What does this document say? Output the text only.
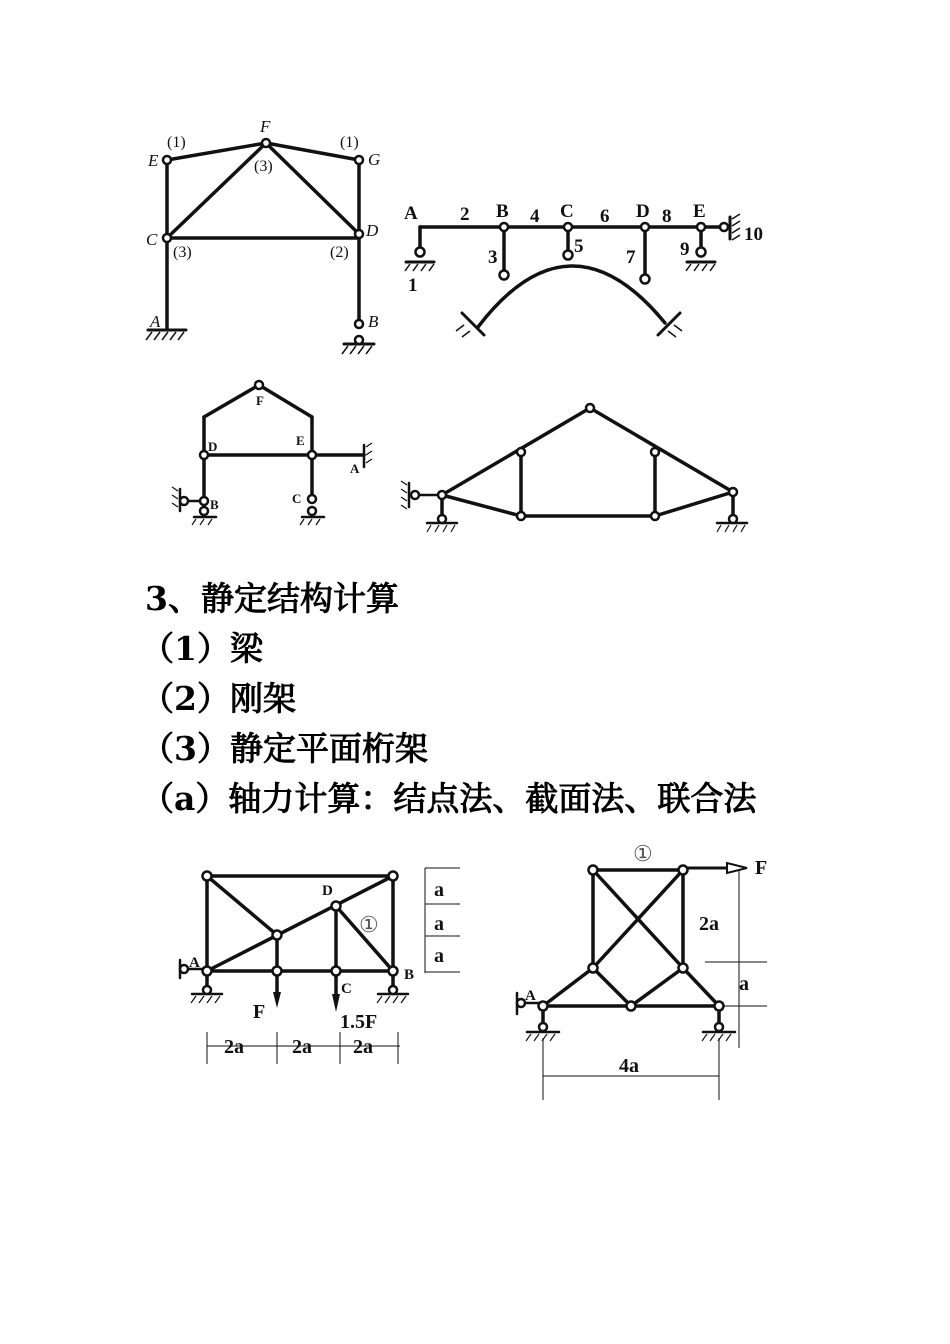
E
F
G
C	D
A	B
(1)	(1)
(3)
(3)	(2)
A	B	C	D E
1
2
3
4
5
6
7
8
9
10
F
D	E
A
B	C
3、静定结构计算
（1）梁
（2）刚架
（3）静定平面桁架
（a）轴力计算：结点法、截面法、联合法
D
A
B
C
F	1.5F
a
a
a
2a 2a 2a
①
①
F
A
2a
a
4a
